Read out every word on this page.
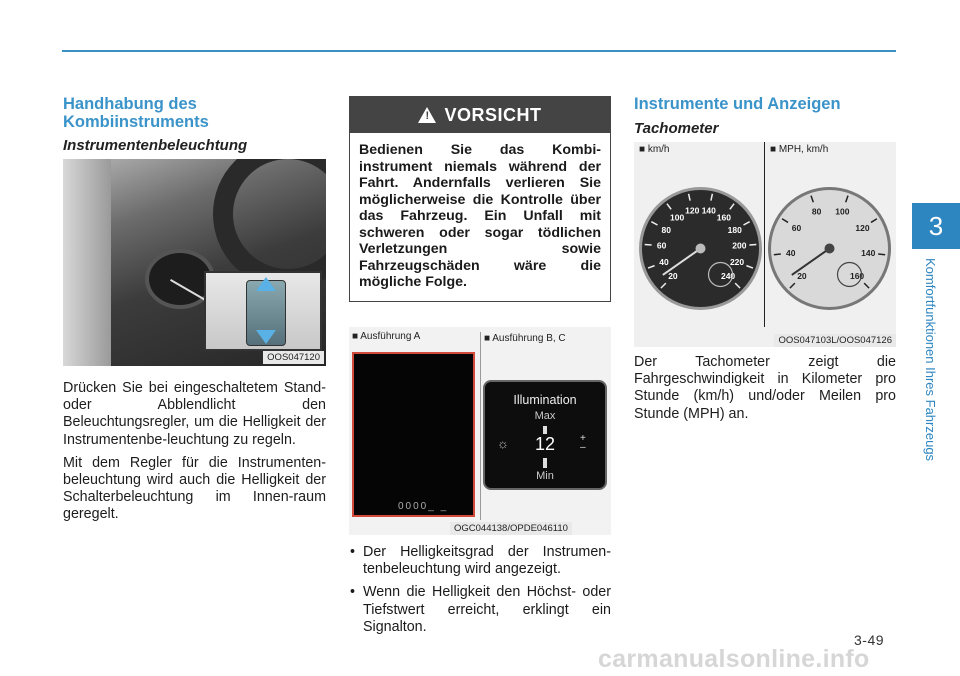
3
Komfortfunktionen Ihres Fahrzeugs
Handhabung des Kombiinstruments
Instrumentenbeleuchtung
OOS047120

Drücken Sie bei eingeschaltetem Stand- oder Abblendlicht den Beleuchtungsregler, um die Helligkeit der Instrumentenbe-leuchtung zu regeln.

Mit dem Regler für die Instrumenten-beleuchtung wird auch die Helligkeit der Schalterbeleuchtung im Innen-raum geregelt.

!
VORSICHT
Bedienen Sie das Kombi-instrument niemals während der Fahrt. Andernfalls verlieren Sie möglicherweise die Kontrolle über das Fahrzeug. Ein Unfall mit schweren oder sogar tödlichen Verletzungen sowie Fahrzeugschäden wäre die mögliche Folge.
■ Ausführung A	■ Ausführung B, C
0000_ _
Illumination
Max
☼	12	+
–
Min
OGC044138/OPDE046110
• Der Helligkeitsgrad der Instrumen-tenbeleuchtung wird angezeigt.
• Wenn die Helligkeit den Höchst- oder Tiefstwert erreicht, erklingt ein Signalton.
Instrumente und Anzeigen
Tachometer
■ km/h	■ MPH, km/h
20
40
60
80
100
120 140
160
180
200
220
240	20
40
60
80 100
120
140
160
OOS047103L/OOS047126
Der Tachometer zeigt die Fahrgeschwindigkeit in Kilometer pro Stunde (km/h) und/oder Meilen pro Stunde (MPH) an.
3-49
carmanualsonline.info
